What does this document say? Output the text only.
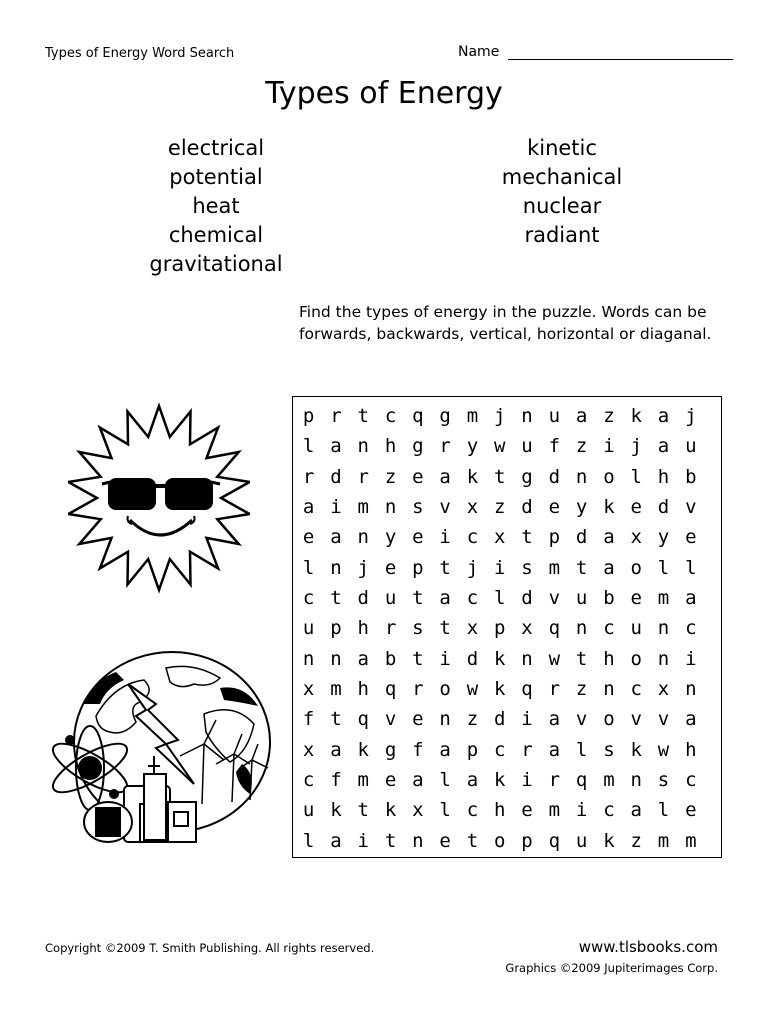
Types of Energy Word Search	Name
Types of Energy
electrical
potential
heat
chemical
gravitational
kinetic
mechanical
nuclear
radiant
Find the types of energy in the puzzle. Words can be forwards, backwards, vertical, horizontal or diaganal.
p r t c q g m j n u a z k a j
l a n h g r y w u f z i j a u
r d r z e a k t g d n o l h b
a i m n s v x z d e y k e d v
e a n y e i c x t p d a x y e
l n j e p t j i s m t a o l l
c t d u t a c l d v u b e m a
u p h r s t x p x q n c u n c
n n a b t i d k n w t h o n i
x m h q r o w k q r z n c x n
f t q v e n z d i a v o v v a
x a k g f a p c r a l s k w h
c f m e a l a k i r q m n s c
u k t k x l c h e m i c a l e
l a i t n e t o p q u k z m m
Copyright ©2009 T. Smith Publishing. All rights reserved.	www.tlsbooks.com
Graphics ©2009 Jupiterimages Corp.
